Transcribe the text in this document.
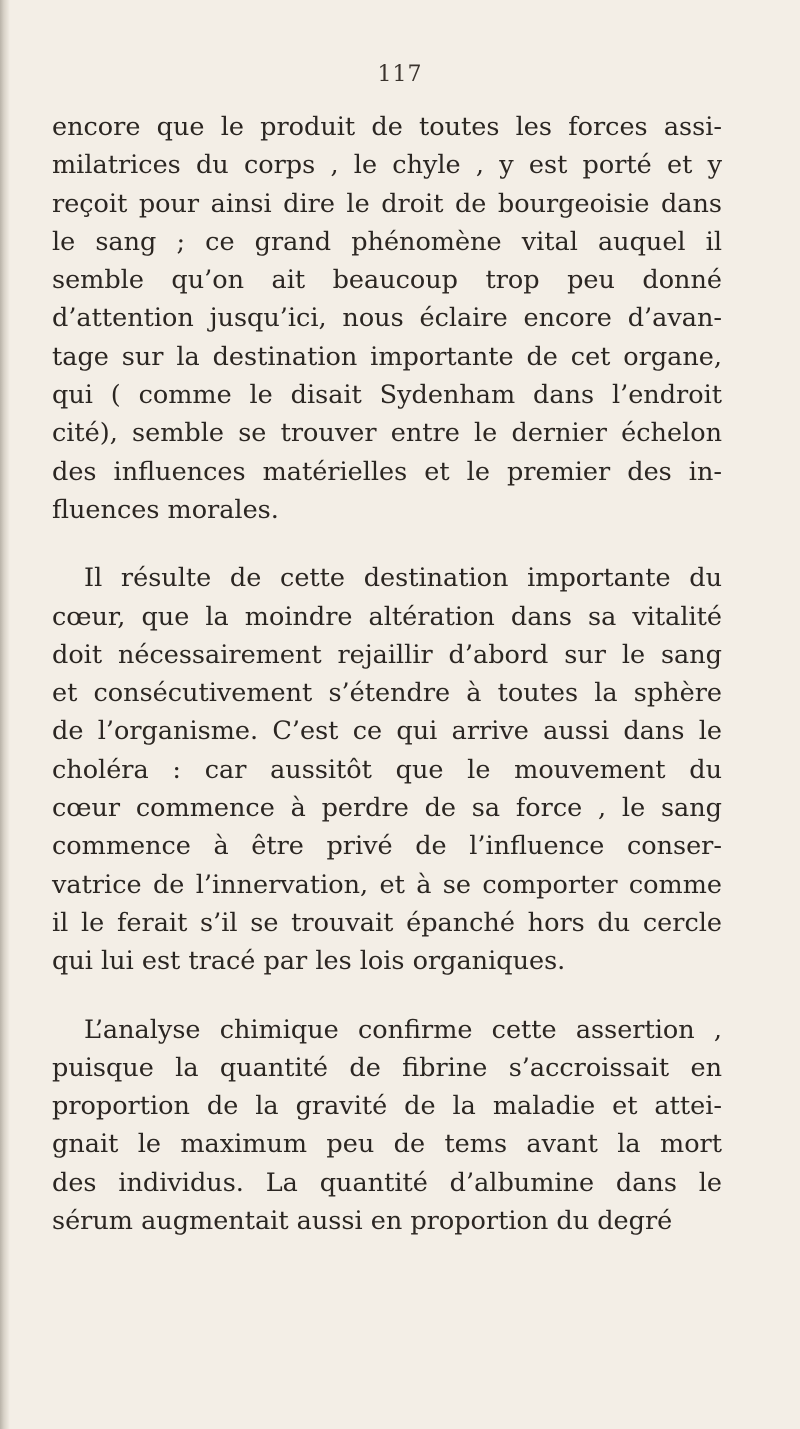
117
encore que le produit de toutes les forces assi-
milatrices du corps , le chyle , y est porté et y
reçoit pour ainsi dire le droit de bourgeoisie dans
le sang ; ce grand phénomène vital auquel il
semble qu’on ait beaucoup trop peu donné
d’attention jusqu’ici, nous éclaire encore d’avan-
tage sur la destination importante de cet organe,
qui ( comme le disait Sydenham dans l’endroit
cité), semble se trouver entre le dernier échelon
des influences matérielles et le premier des in-
fluences morales.
Il résulte de cette destination importante du
cœur, que la moindre altération dans sa vitalité
doit nécessairement rejaillir d’abord sur le sang
et consécutivement s’étendre à toutes la sphère
de l’organisme. C’est ce qui arrive aussi dans le
choléra : car aussitôt que le mouvement du
cœur commence à perdre de sa force , le sang
commence à être privé de l’influence conser-
vatrice de l’innervation, et à se comporter comme
il le ferait s’il se trouvait épanché hors du cercle
qui lui est tracé par les lois organiques.
L’analyse chimique confirme cette assertion ,
puisque la quantité de fibrine s’accroissait en
proportion de la gravité de la maladie et attei-
gnait le maximum peu de tems avant la mort
des individus. La quantité d’albumine dans le
sérum augmentait aussi en proportion du degré
